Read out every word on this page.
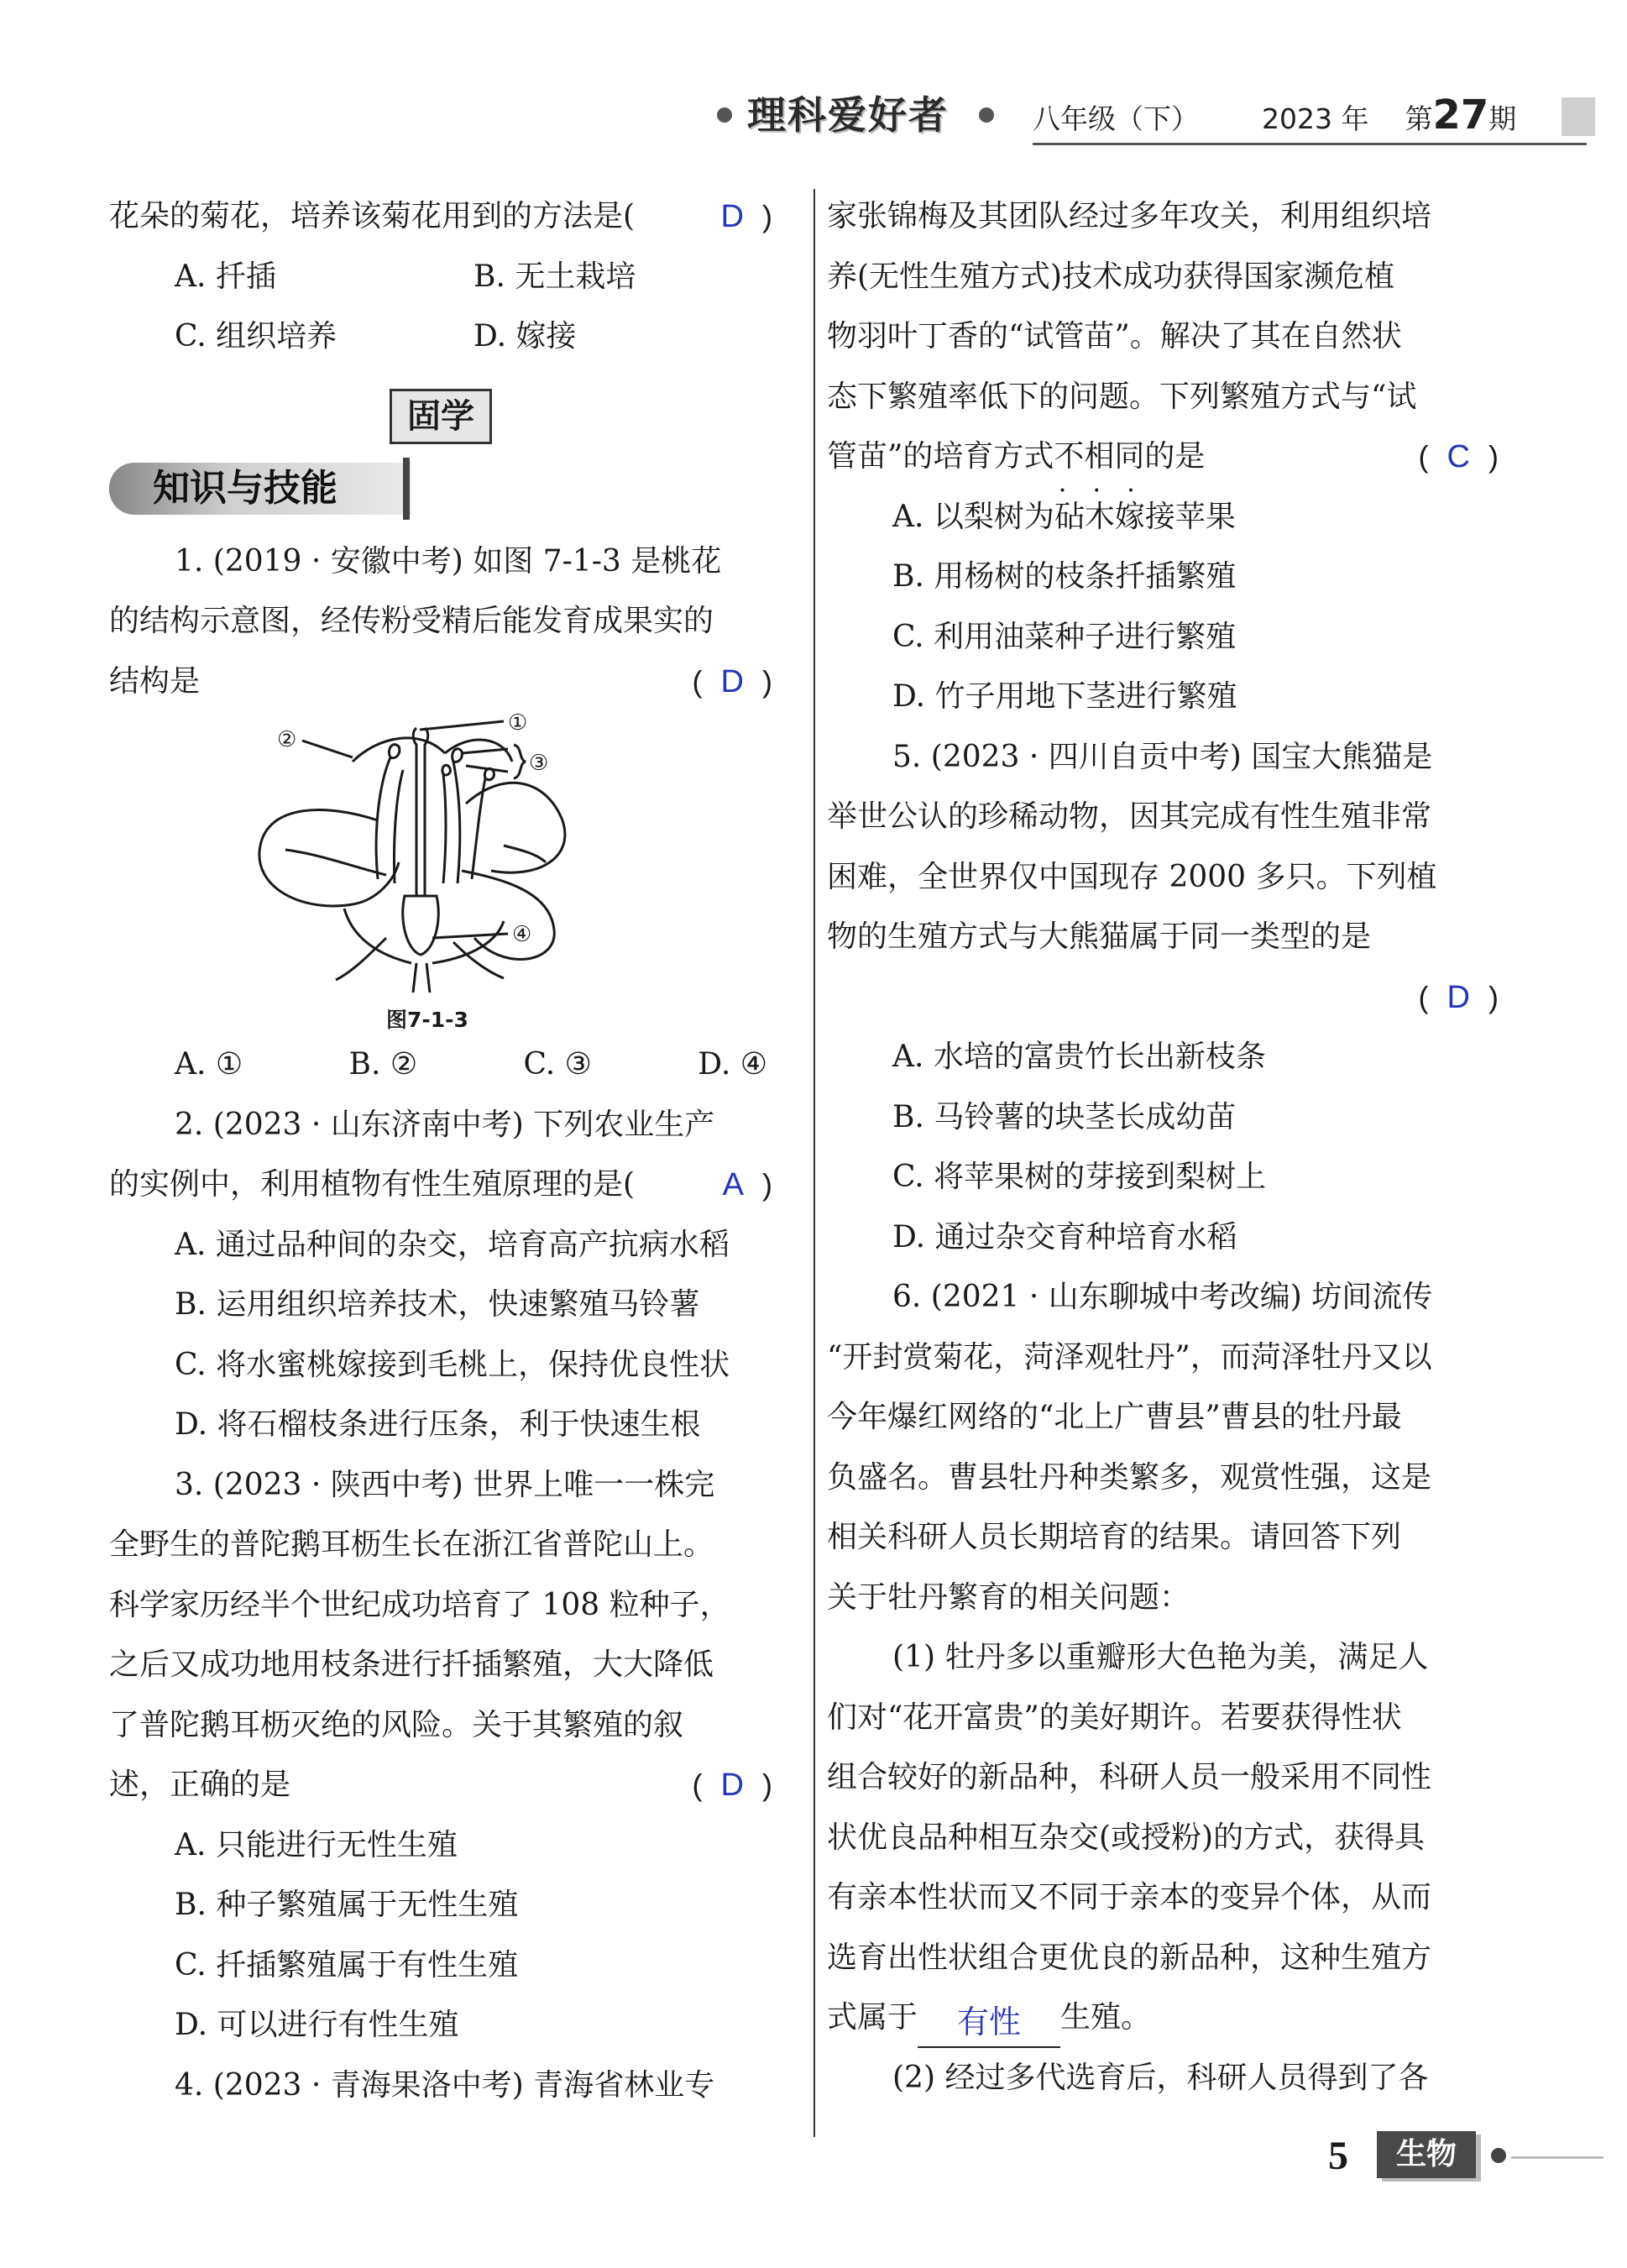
理科爱好者	八年级（下） 2023 年 第27期
花朵的菊花，培养该菊花用到的方法是(	D )
A. 扦插	B. 无土栽培
C. 组织培养	D. 嫁接
固学
知识与技能
1. (2019 · 安徽中考) 如图 7-1-3 是桃花
的结构示意图，经传粉受精后能发育成果实的
结构是	( D )
①
②
③
④
图7-1-3
A. ①	B. ②	C. ③	D. ④
2. (2023 · 山东济南中考) 下列农业生产
的实例中，利用植物有性生殖原理的是(	A )
A. 通过品种间的杂交，培育高产抗病水稻
B. 运用组织培养技术，快速繁殖马铃薯
C. 将水蜜桃嫁接到毛桃上，保持优良性状
D. 将石榴枝条进行压条，利于快速生根
3. (2023 · 陕西中考) 世界上唯一一株完
全野生的普陀鹅耳枥生长在浙江省普陀山上。
科学家历经半个世纪成功培育了 108 粒种子，
之后又成功地用枝条进行扦插繁殖，大大降低
了普陀鹅耳枥灭绝的风险。关于其繁殖的叙
述，正确的是	( D )
A. 只能进行无性生殖
B. 种子繁殖属于无性生殖
C. 扦插繁殖属于有性生殖
D. 可以进行有性生殖
4. (2023 · 青海果洛中考) 青海省林业专
家张锦梅及其团队经过多年攻关，利用组织培
养(无性生殖方式)技术成功获得国家濒危植
物羽叶丁香的“试管苗”。解决了其在自然状
态下繁殖率低下的问题。下列繁殖方式与“试
管苗”的培育方式不相同 • • •的是	( C )
A. 以梨树为砧木嫁接苹果
B. 用杨树的枝条扦插繁殖
C. 利用油菜种子进行繁殖
D. 竹子用地下茎进行繁殖
5. (2023 · 四川自贡中考) 国宝大熊猫是
举世公认的珍稀动物，因其完成有性生殖非常
困难，全世界仅中国现存 2000 多只。下列植
物的生殖方式与大熊猫属于同一类型的是
( D )
A. 水培的富贵竹长出新枝条
B. 马铃薯的块茎长成幼苗
C. 将苹果树的芽接到梨树上
D. 通过杂交育种培育水稻
6. (2021 · 山东聊城中考改编) 坊间流传
“开封赏菊花，菏泽观牡丹”，而菏泽牡丹又以
今年爆红网络的“北上广曹县”曹县的牡丹最
负盛名。曹县牡丹种类繁多，观赏性强，这是
相关科研人员长期培育的结果。请回答下列
关于牡丹繁育的相关问题：
(1) 牡丹多以重瓣形大色艳为美，满足人
们对“花开富贵”的美好期许。若要获得性状
组合较好的新品种，科研人员一般采用不同性
状优良品种相互杂交(或授粉)的方式，获得具
有亲本性状而又不同于亲本的变异个体，从而
选育出性状组合更优良的新品种，这种生殖方
式属于 有性 生殖。
(2) 经过多代选育后，科研人员得到了各
5	生物
